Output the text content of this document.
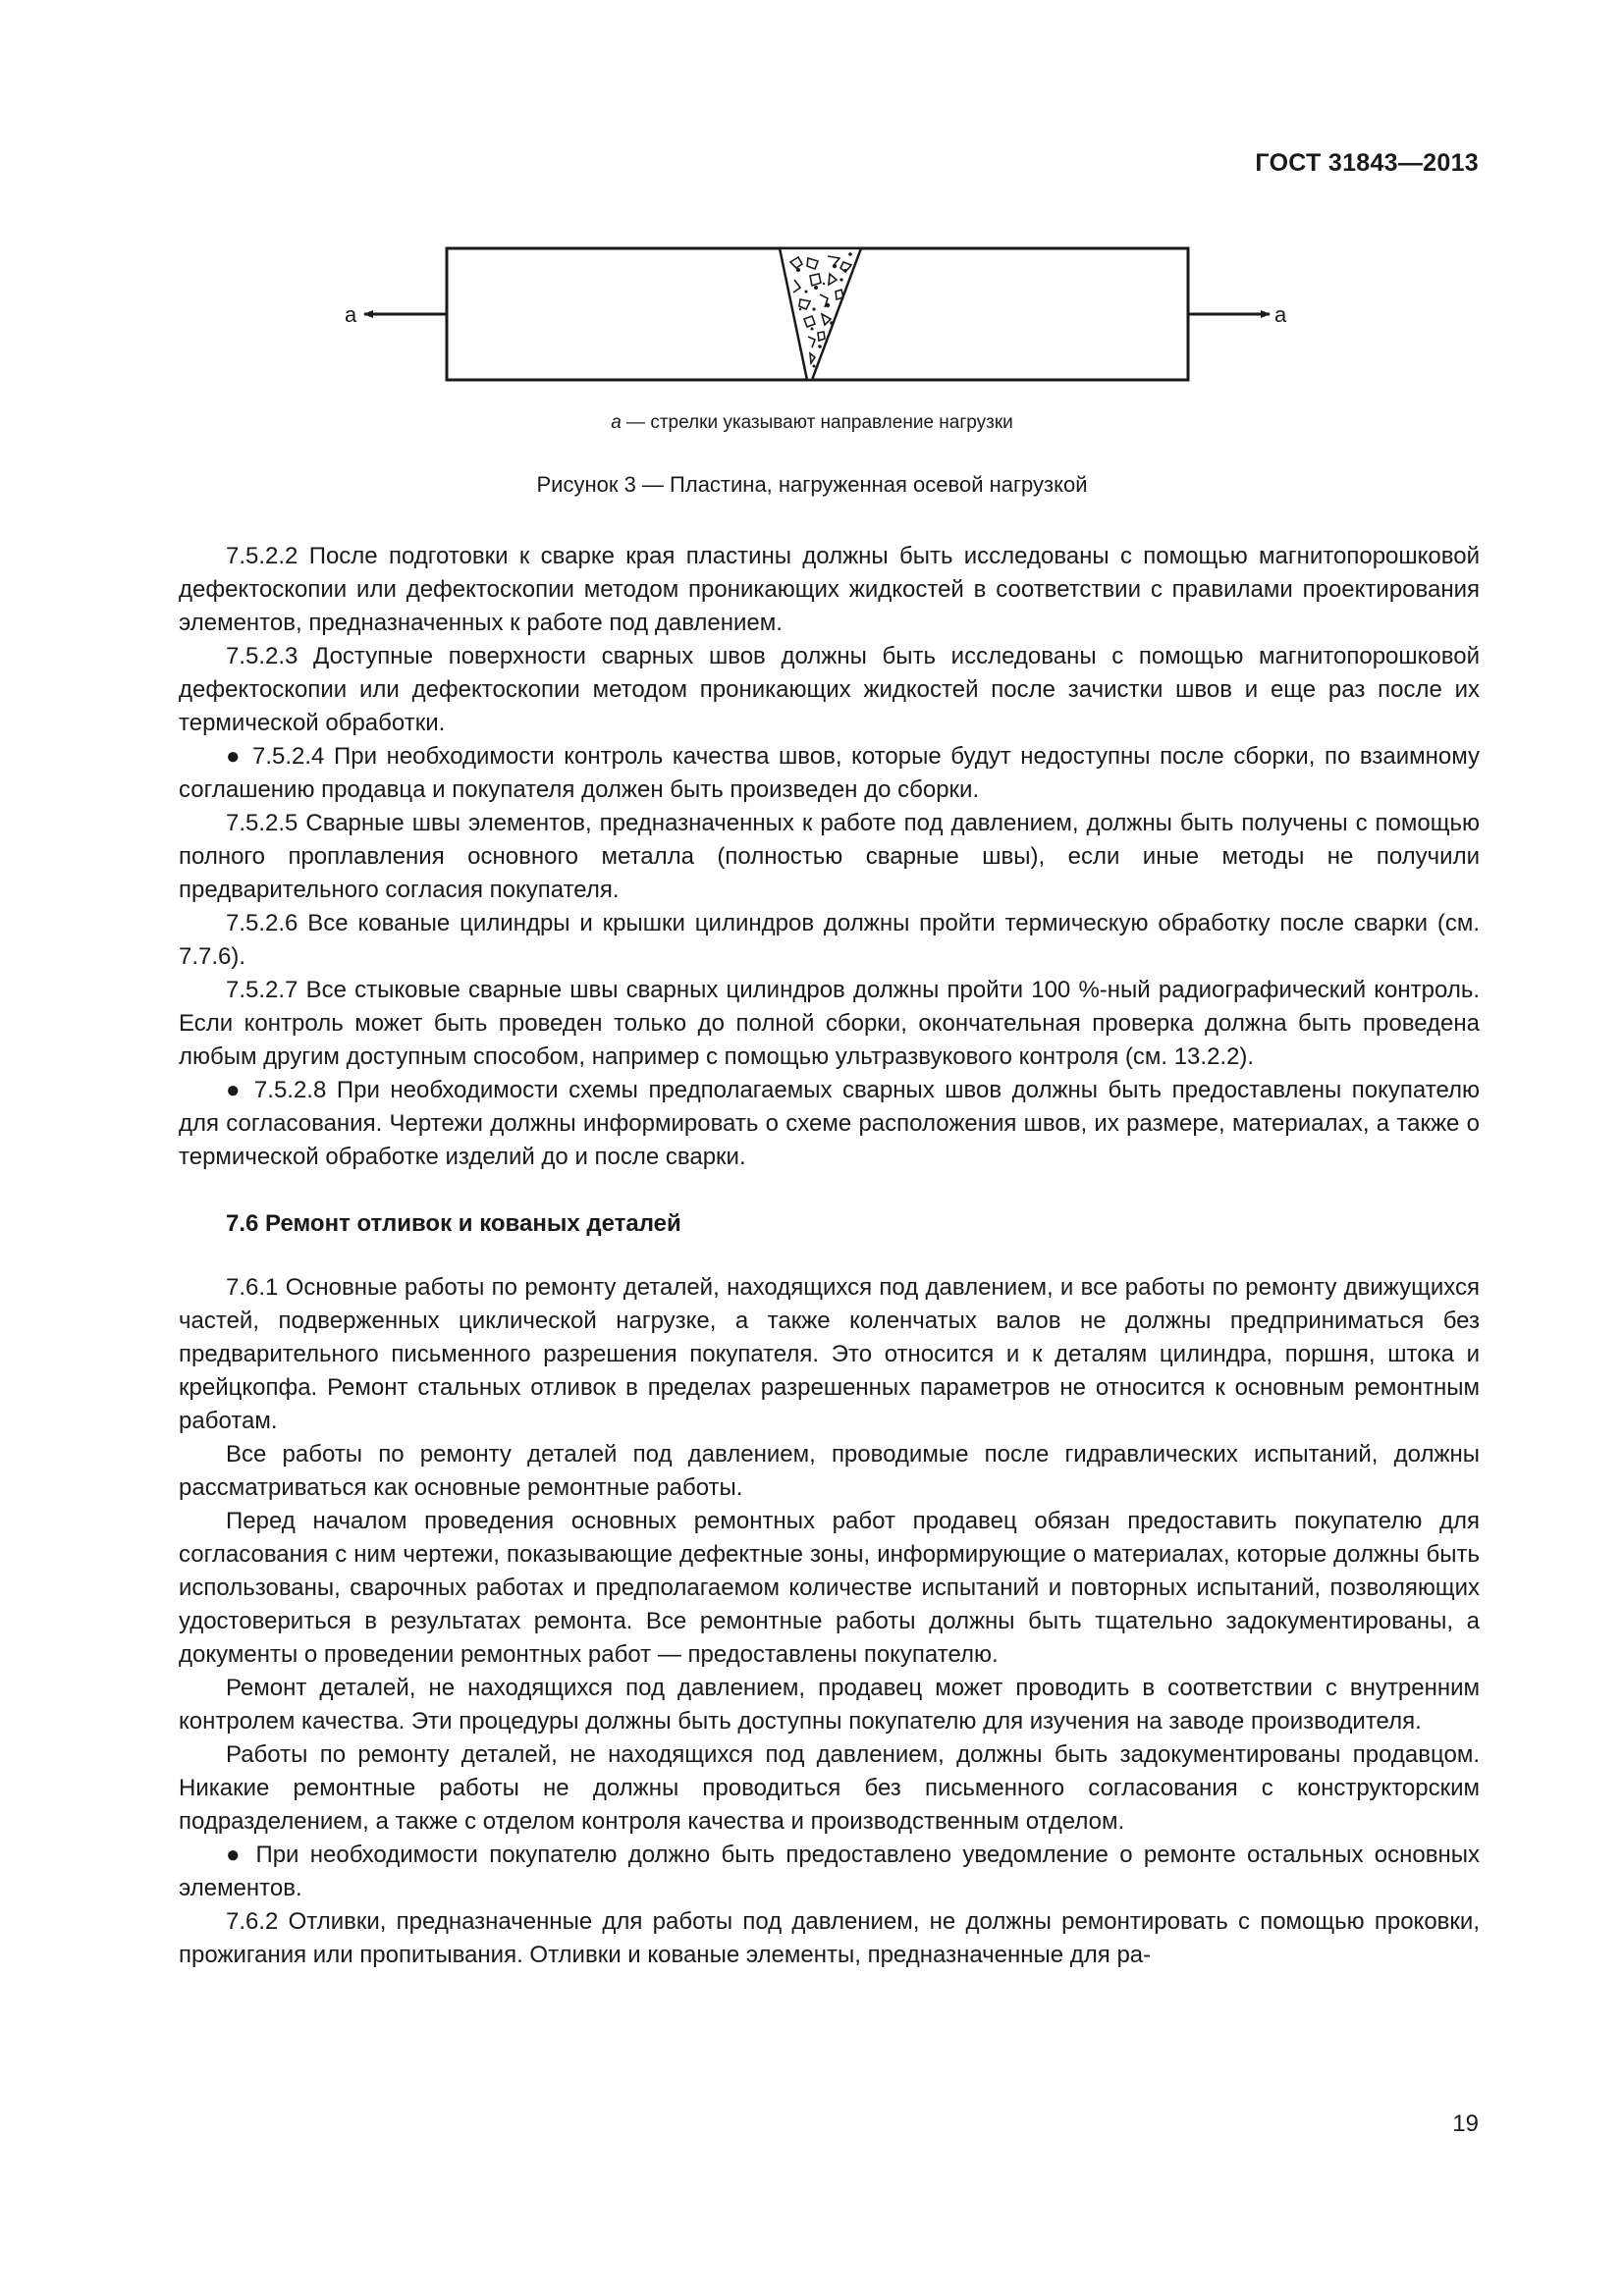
ГОСТ 31843—2013
a	a
a — стрелки указывают направление нагрузки
Рисунок 3 — Пластина, нагруженная осевой нагрузкой

7.5.2.2 После подготовки к сварке края пластины должны быть исследованы с помощью магнитопорошковой дефектоскопии или дефектоскопии методом проникающих жидкостей в соответствии с правилами проектирования элементов, предназначенных к работе под давлением.

7.5.2.3 Доступные поверхности сварных швов должны быть исследованы с помощью магнитопорошковой дефектоскопии или дефектоскопии методом проникающих жидкостей после зачистки швов и еще раз после их термической обработки.

● 7.5.2.4 При необходимости контроль качества швов, которые будут недоступны после сборки, по взаимному соглашению продавца и покупателя должен быть произведен до сборки.

7.5.2.5 Сварные швы элементов, предназначенных к работе под давлением, должны быть получены с помощью полного проплавления основного металла (полностью сварные швы), если иные методы не получили предварительного согласия покупателя.

7.5.2.6 Все кованые цилиндры и крышки цилиндров должны пройти термическую обработку после сварки (см. 7.7.6).

7.5.2.7 Все стыковые сварные швы сварных цилиндров должны пройти 100 %-ный радиографический контроль. Если контроль может быть проведен только до полной сборки, окончательная проверка должна быть проведена любым другим доступным способом, например с помощью ультразвукового контроля (см. 13.2.2).

● 7.5.2.8 При необходимости схемы предполагаемых сварных швов должны быть предоставлены покупателю для согласования. Чертежи должны информировать о схеме расположения швов, их размере, материалах, а также о термической обработке изделий до и после сварки.

7.6 Ремонт отливок и кованых деталей

7.6.1 Основные работы по ремонту деталей, находящихся под давлением, и все работы по ремонту движущихся частей, подверженных циклической нагрузке, а также коленчатых валов не должны предприниматься без предварительного письменного разрешения покупателя. Это относится и к деталям цилиндра, поршня, штока и крейцкопфа. Ремонт стальных отливок в пределах разрешенных параметров не относится к основным ремонтным работам.

Все работы по ремонту деталей под давлением, проводимые после гидравлических испытаний, должны рассматриваться как основные ремонтные работы.

Перед началом проведения основных ремонтных работ продавец обязан предоставить покупателю для согласования с ним чертежи, показывающие дефектные зоны, информирующие о материалах, которые должны быть использованы, сварочных работах и предполагаемом количестве испытаний и повторных испытаний, позволяющих удостовериться в результатах ремонта. Все ремонтные работы должны быть тщательно задокументированы, а документы о проведении ремонтных работ — предоставлены покупателю.

Ремонт деталей, не находящихся под давлением, продавец может проводить в соответствии с внутренним контролем качества. Эти процедуры должны быть доступны покупателю для изучения на заводе производителя.

Работы по ремонту деталей, не находящихся под давлением, должны быть задокументированы продавцом. Никакие ремонтные работы не должны проводиться без письменного согласования с конструкторским подразделением, а также с отделом контроля качества и производственным отделом.

● При необходимости покупателю должно быть предоставлено уведомление о ремонте остальных основных элементов.

7.6.2 Отливки, предназначенные для работы под давлением, не должны ремонтировать с помощью проковки, прожигания или пропитывания. Отливки и кованые элементы, предназначенные для ра-

19
